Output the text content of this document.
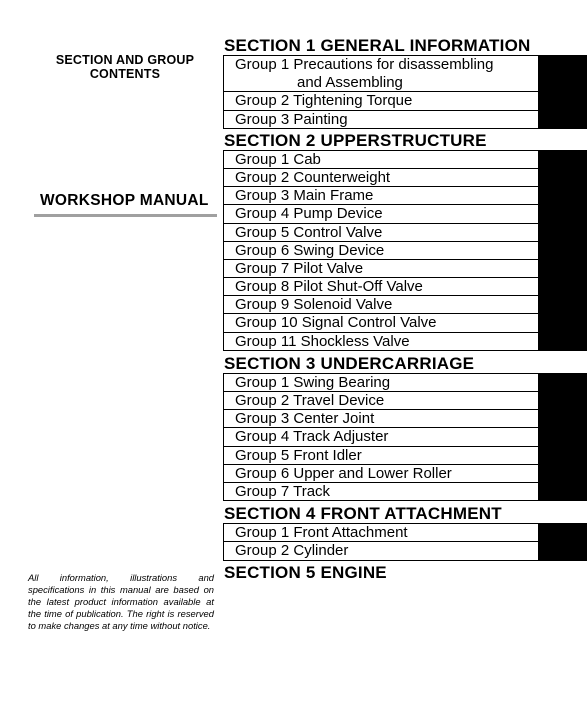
SECTION AND GROUP
CONTENTS
WORKSHOP MANUAL
All information, illustrations and specifications in this manual are based on the latest product information available at the time of publication. The right is reserved to make changes at any time without notice.
SECTION 1 GENERAL INFORMATION
Group 1 Precautions for disassembling
and Assembling
Group 2 Tightening Torque
Group 3 Painting
SECTION 2 UPPERSTRUCTURE
Group 1 Cab
Group 2 Counterweight
Group 3 Main Frame
Group 4 Pump Device
Group 5 Control Valve
Group 6 Swing Device
Group 7 Pilot Valve
Group 8 Pilot Shut-Off Valve
Group 9 Solenoid Valve
Group 10 Signal Control Valve
Group 11 Shockless Valve
SECTION 3 UNDERCARRIAGE
Group 1 Swing Bearing
Group 2 Travel Device
Group 3 Center Joint
Group 4 Track Adjuster
Group 5 Front Idler
Group 6 Upper and Lower Roller
Group 7 Track
SECTION 4 FRONT ATTACHMENT
Group 1 Front Attachment
Group 2 Cylinder
SECTION 5 ENGINE
